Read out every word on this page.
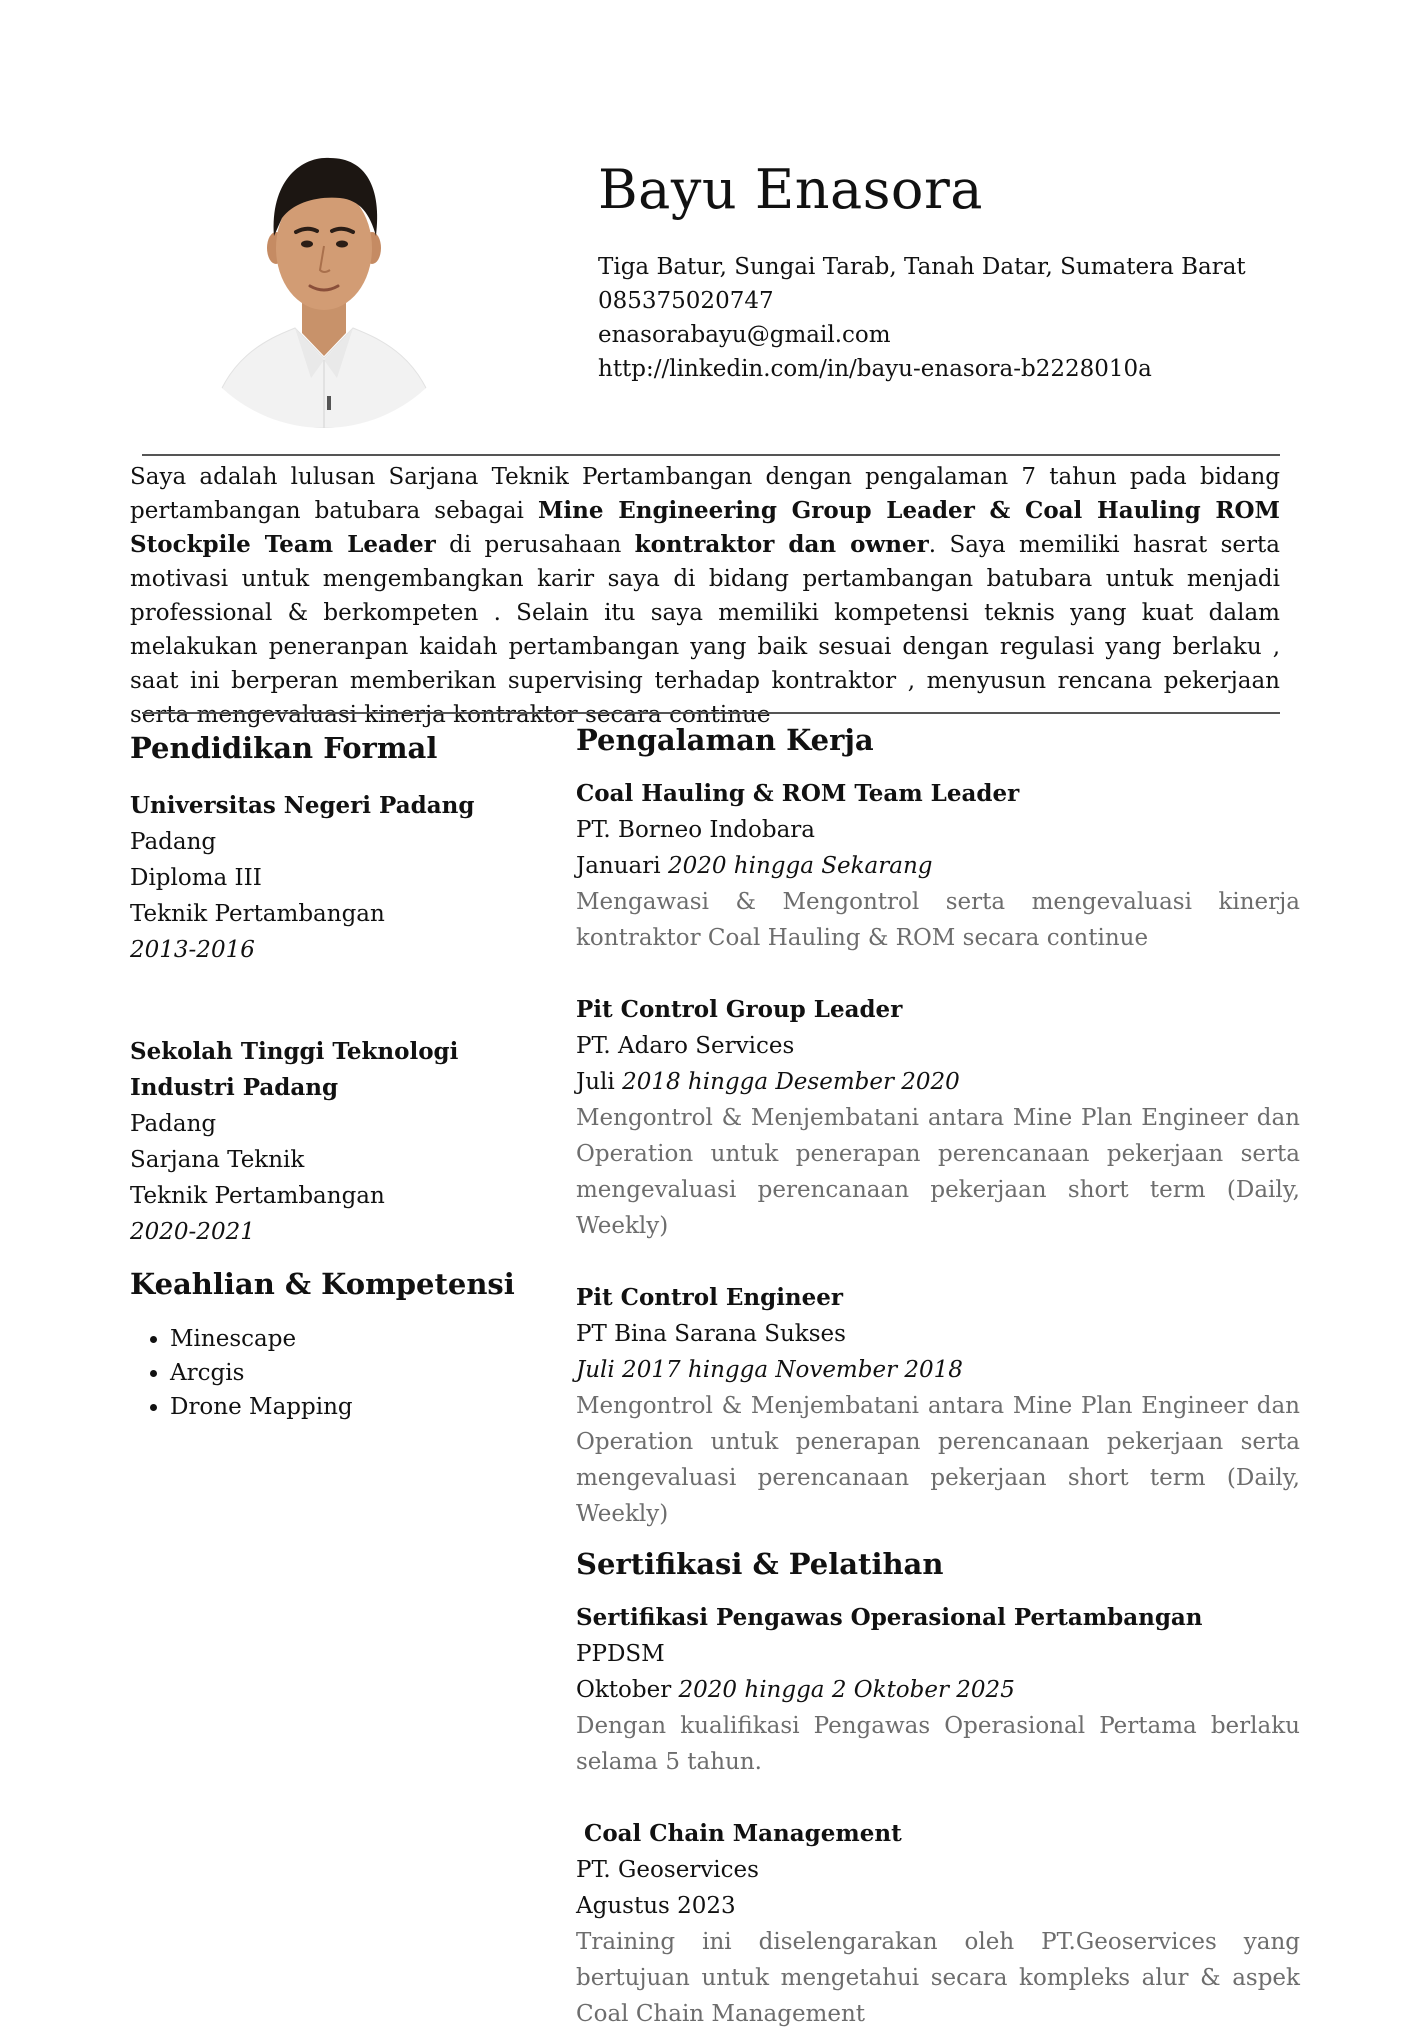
Bayu Enasora
Tiga Batur, Sungai Tarab, Tanah Datar, Sumatera Barat
085375020747
enasorabayu@gmail.com
http://linkedin.com/in/bayu-enasora-b2228010a
Saya adalah lulusan Sarjana Teknik Pertambangan dengan pengalaman 7 tahun pada bidang pertambangan batubara sebagai Mine Engineering Group Leader & Coal Hauling ROM Stockpile Team Leader di perusahaan kontraktor dan owner. Saya memiliki hasrat serta motivasi untuk mengembangkan karir saya di bidang pertambangan batubara untuk menjadi professional & berkompeten . Selain itu saya memiliki kompetensi teknis yang kuat dalam melakukan peneranpan kaidah pertambangan yang baik sesuai dengan regulasi yang berlaku , saat ini berperan memberikan supervising terhadap kontraktor , menyusun rencana pekerjaan serta mengevaluasi kinerja kontraktor secara continue
Pendidikan Formal
Universitas Negeri Padang
Padang
Diploma III
Teknik Pertambangan
2013-2016
Sekolah Tinggi Teknologi
Industri Padang
Padang
Sarjana Teknik
Teknik Pertambangan
2020-2021
Keahlian & Kompetensi
• Minescape
• Arcgis
• Drone Mapping
Pengalaman Kerja
Coal Hauling & ROM Team Leader
PT. Borneo Indobara
Januari 2020 hingga Sekarang
Mengawasi & Mengontrol serta mengevaluasi kinerja kontraktor Coal Hauling & ROM secara continue
Pit Control Group Leader
PT. Adaro Services
Juli 2018 hingga Desember 2020
Mengontrol & Menjembatani antara Mine Plan Engineer dan Operation untuk penerapan perencanaan pekerjaan serta mengevaluasi perencanaan pekerjaan short term (Daily, Weekly)
Pit Control Engineer
PT Bina Sarana Sukses
Juli 2017 hingga November 2018
Mengontrol & Menjembatani antara Mine Plan Engineer dan Operation untuk penerapan perencanaan pekerjaan serta mengevaluasi perencanaan pekerjaan short term (Daily, Weekly)
Sertifikasi & Pelatihan
Sertifikasi Pengawas Operasional Pertambangan
PPDSM
Oktober 2020 hingga 2 Oktober 2025
Dengan kualifikasi Pengawas Operasional Pertama berlaku selama 5 tahun.
Coal Chain Management
PT. Geoservices
Agustus 2023
Training ini diselengarakan oleh PT.Geoservices yang bertujuan untuk mengetahui secara kompleks alur & aspek Coal Chain Management
